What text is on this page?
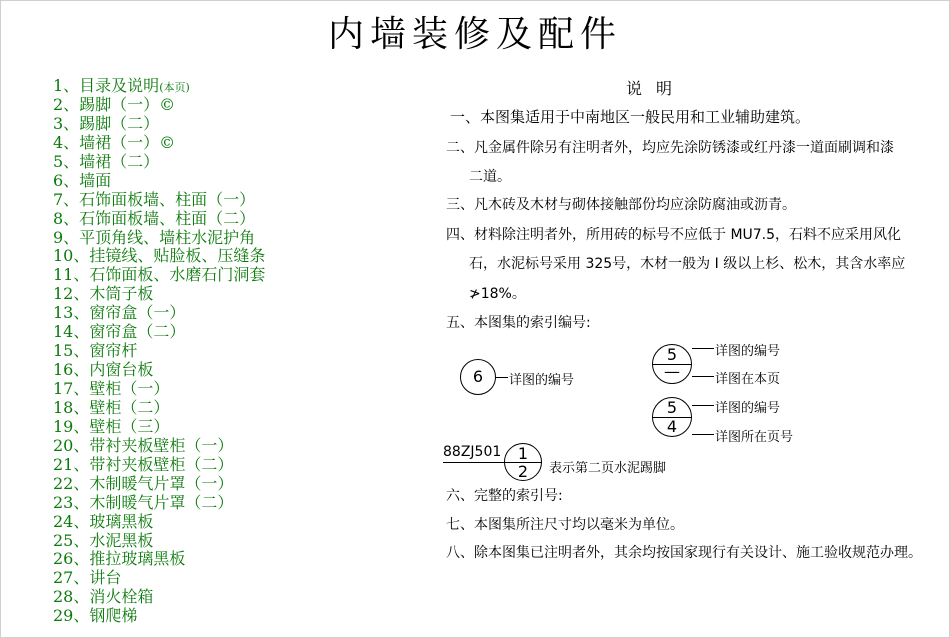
内墙装修及配件
1、目录及说明(本页)
2、踢脚（一）©
3、踢脚（二）
4、墙裙（一）©
5、墙裙（二）
6、墙面
7、石饰面板墙、柱面（一）
8、石饰面板墙、柱面（二）
9、平顶角线、墙柱水泥护角
10、挂镜线、贴脸板、压缝条
11、石饰面板、水磨石门洞套
12、木筒子板
13、窗帘盒（一）
14、窗帘盒（二）
15、窗帘杆
16、内窗台板
17、壁柜（一）
18、壁柜（二）
19、壁柜（三）
20、带衬夹板壁柜（一）
21、带衬夹板壁柜（二）
22、木制暖气片罩（一）
23、木制暖气片罩（二）
24、玻璃黑板
25、水泥黑板
26、推拉玻璃黑板
27、讲台
28、消火栓箱
29、钢爬梯
说明
一、本图集适用于中南地区一般民用和工业辅助建筑。
二、凡金属件除另有注明者外，均应先涂防锈漆或红丹漆一道面刷调和漆
二道。
三、凡木砖及木材与砌体接触部份均应涂防腐油或沥青。
四、材料除注明者外，所用砖的标号不应低于 MU7.5，石料不应采用风化
石，水泥标号采用 325号，木材一般为 I 级以上杉、松木，其含水率应
≯18%。
五、本图集的索引编号:
6	详图的编号
5
—
详图的编号
详图在本页
5
4
详图的编号
详图所在页号
88ZJ501	1
2	表示第二页水泥踢脚
六、完整的索引号:
七、本图集所注尺寸均以毫米为单位。
八、除本图集已注明者外，其余均按国家现行有关设计、施工验收规范办理。
